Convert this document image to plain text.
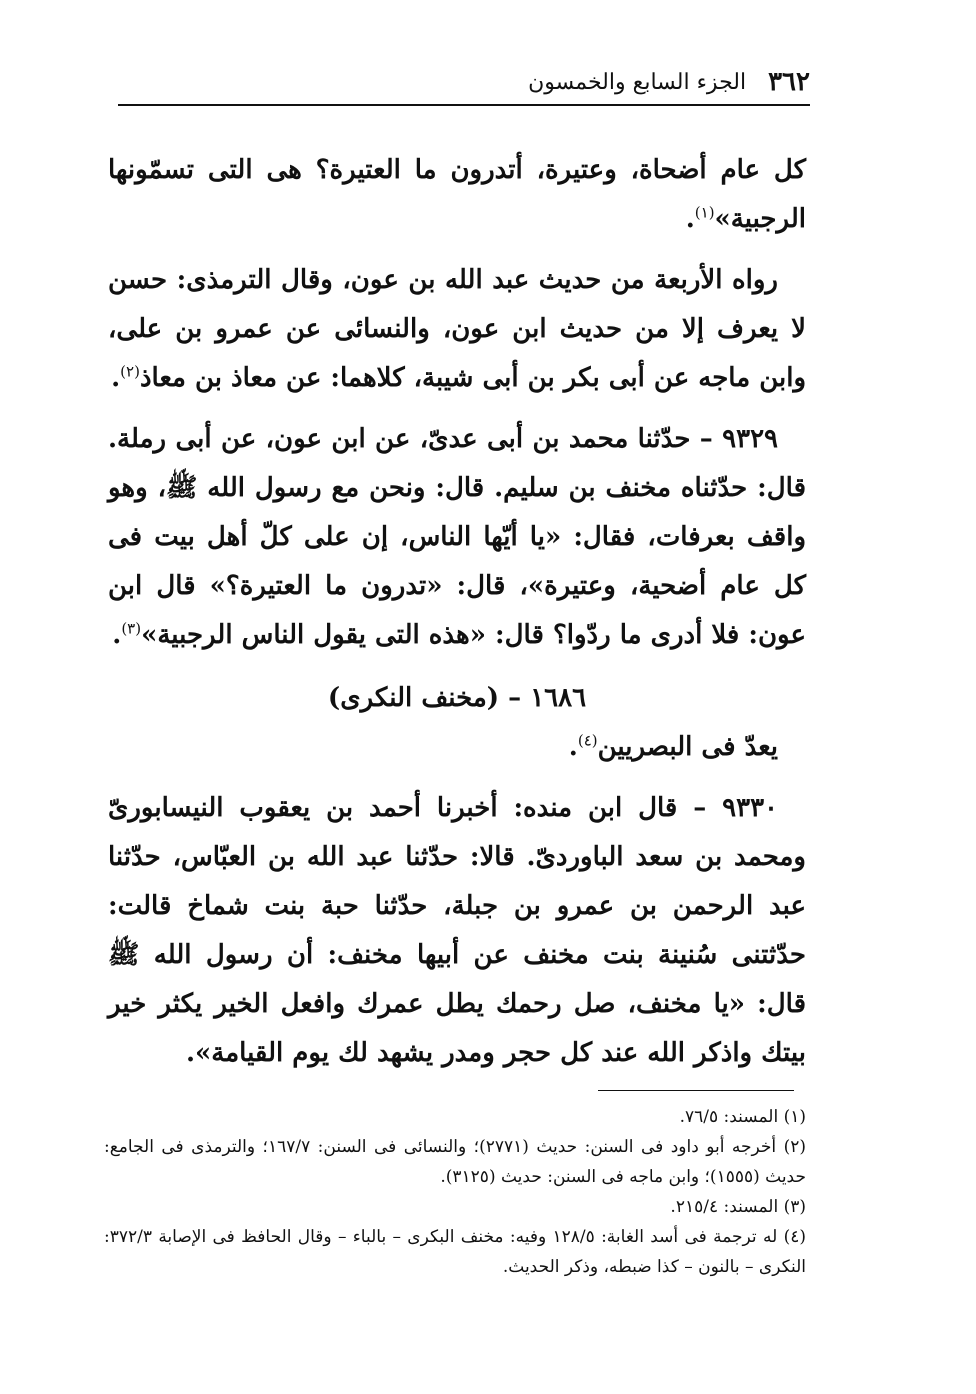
٣٦٢
الجزء السابع والخمسون

كل عام أضحاة، وعتيرة، أتدرون ما العتيرة؟ هى التى تسمّونها الرجبية»$^{(١)}$.

رواه الأربعة من حديث عبد الله بن عون، وقال الترمذى: حسن لا يعرف إلا من حديث ابن عون، والنسائى عن عمرو بن على، وابن ماجه عن أبى بكر بن أبى شيبة، كلاهما: عن معاذ بن معاذ$^{(٢)}$.

٩٣٢٩ – حدّثنا محمد بن أبى عدىّ، عن ابن عون، عن أبى رملة. قال: حدّثناه مخنف بن سليم. قال: ونحن مع رسول الله ﷺ، وهو واقف بعرفات، فقال: «يا أيّها الناس، إن على كلّ أهل بيت فى كل عام أضحية، وعتيرة»، قال: «تدرون ما العتيرة؟» قال ابن عون: فلا أدرى ما ردّوا؟ قال: «هذه التى يقول الناس الرجبية»$^{(٣)}$.

١٦٨٦ – (مخنف النكرى)

يعدّ فى البصريين$^{(٤)}$.

٩٣٣٠ – قال ابن منده: أخبرنا أحمد بن يعقوب النيسابورىّ ومحمد بن سعد الباوردىّ. قالا: حدّثنا عبد الله بن العبّاس، حدّثنا عبد الرحمن بن عمرو بن جبلة، حدّثنا حبة بنت شماخ قالت: حدّثتنى سُنينة بنت مخنف عن أبيها مخنف: أن رسول الله ﷺ قال: «يا مخنف، صل رحمك يطل عمرك وافعل الخير يكثر خير بيتك واذكر الله عند كل حجر ومدر يشهد لك يوم القيامة».

(١) المسند: ٧٦/٥.

(٢) أخرجه أبو داود فى السنن: حديث (٢٧٧١)؛ والنسائى فى السنن: ١٦٧/٧؛ والترمذى فى الجامع: حديث (١٥٥٥)؛ وابن ماجه فى السنن: حديث (٣١٢٥).

(٣) المسند: ٢١٥/٤.

(٤) له ترجمة فى أسد الغابة: ١٢٨/٥ وفيه: مخنف البكرى – بالباء – وقال الحافظ فى الإصابة ٣٧٢/٣: النكرى – بالنون – كذا ضبطه، وذكر الحديث.
